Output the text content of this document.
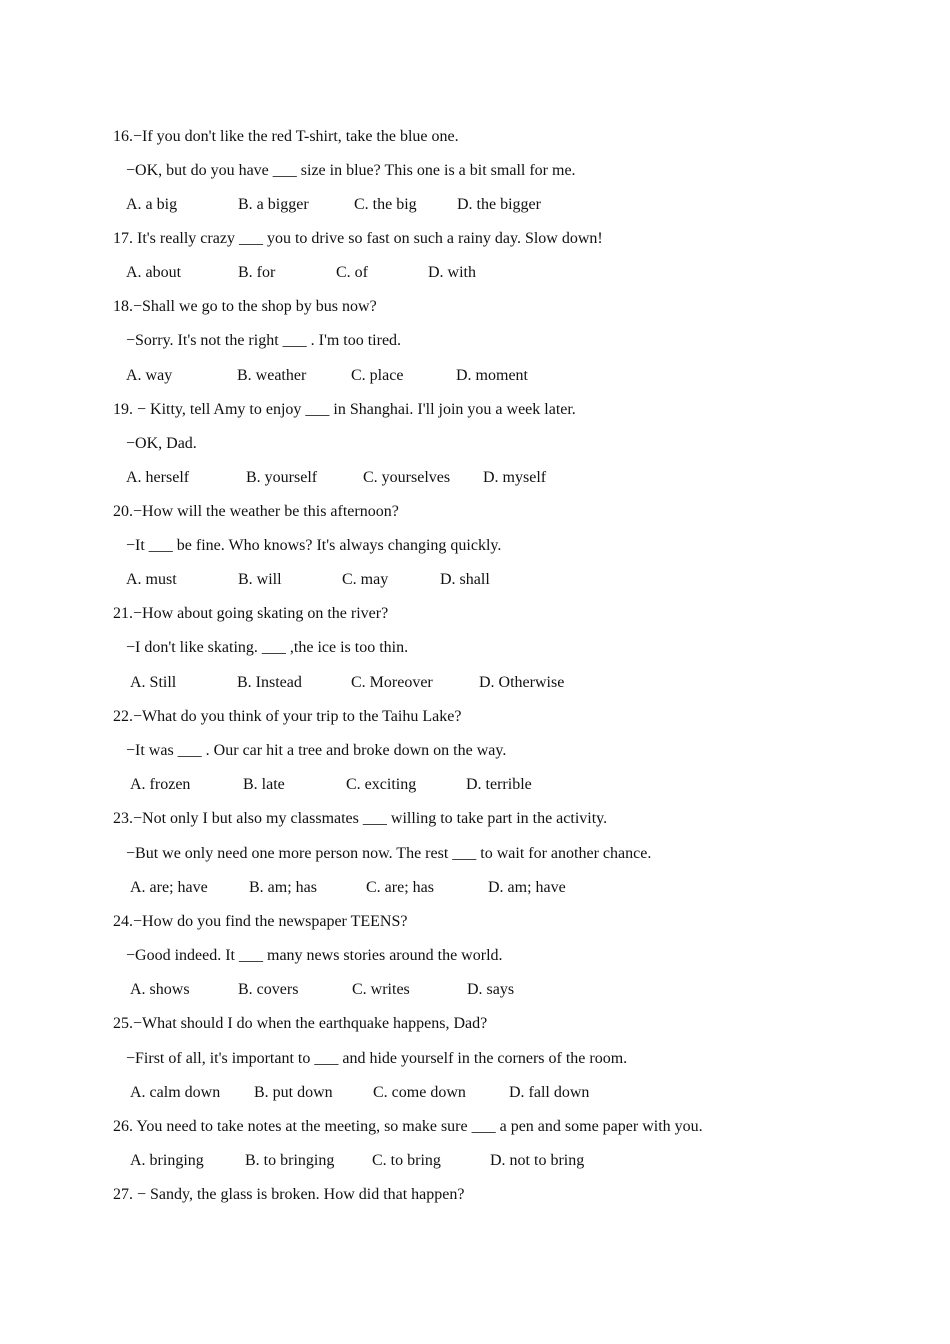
16.−If you don't like the red T-shirt, take the blue one.
−OK, but do you have ___ size in blue? This one is a bit small for me.

A. a big

	B. a bigger

	C. the big

	D. the bigger

17. It's really crazy ___ you to drive so fast on such a rainy day. Slow down!

A. about

	B. for

	C. of

	D. with

18.−Shall we go to the shop by bus now?
−Sorry. It's not the right ___ . I'm too tired.

A. way

	B. weather

	C. place

	D. moment

19. − Kitty, tell Amy to enjoy ___ in Shanghai. I'll join you a week later.
−OK, Dad.

A. herself

	B. yourself

	C. yourselves

D. myself

20.−How will the weather be this afternoon?
−It ___ be fine. Who knows? It's always changing quickly.

A. must

	B. will

	C. may

	D. shall

21.−How about going skating on the river?
−I don't like skating. ___ ,the ice is too thin.

A. Still

	B. Instead

	C. Moreover

	D. Otherwise

22.−What do you think of your trip to the Taihu Lake?
−It was ___ . Our car hit a tree and broke down on the way.

A. frozen

	B. late

	C. exciting

	D. terrible

23.−Not only I but also my classmates ___ willing to take part in the activity.
−But we only need one more person now. The rest ___ to wait for another chance.

A. are; have

	B. am; has

	C. are; has

	D. am; have

24.−How do you find the newspaper TEENS?
−Good indeed. It ___ many news stories around the world.

A. shows

	B. covers

	C. writes

	D. says

25.−What should I do when the earthquake happens, Dad?
−First of all, it's important to ___ and hide yourself in the corners of the room.

A. calm down

B. put down

	C. come down

	D. fall down

26. You need to take notes at the meeting, so make sure ___ a pen and some paper with you.

A. bringing

	B. to bringing

C. to bring

	D. not to bring

27. − Sandy, the glass is broken. How did that happen?
